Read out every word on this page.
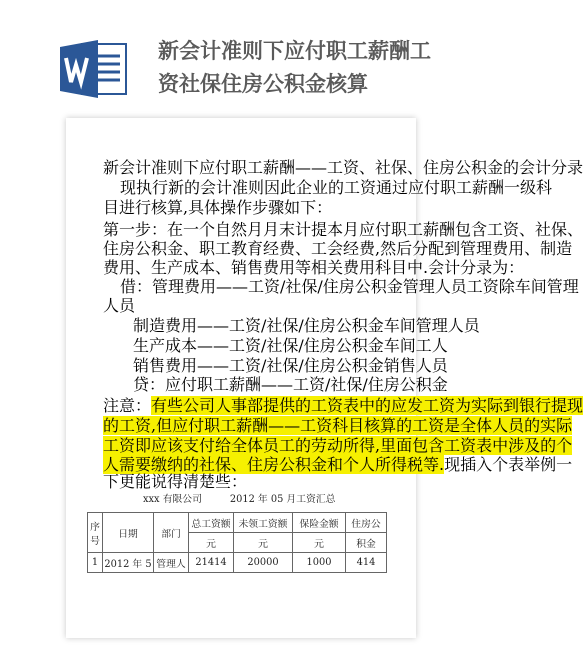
新会计准则下应付职工薪酬工
资社保住房公积金核算
新会计准则下应付职工薪酬——工资、社保、住房公积金的会计分录
现执行新的会计准则因此企业的工资通过应付职工薪酬一级科
目进行核算,具体操作步骤如下：
第一步：在一个自然月月末计提本月应付职工薪酬包含工资、社保、
住房公积金、职工教育经费、工会经费,然后分配到管理费用、制造
费用、生产成本、销售费用等相关费用科目中.会计分录为：
借：管理费用——工资/社保/住房公积金管理人员工资除车间管理
人员
制造费用——工资/社保/住房公积金车间管理人员
生产成本——工资/社保/住房公积金车间工人
销售费用——工资/社保/住房公积金销售人员
贷：应付职工薪酬——工资/社保/住房公积金
注意：有些公司人事部提供的工资表中的应发工资为实际到银行提现
的工资,但应付职工薪酬——工资科目核算的工资是全体人员的实际
工资即应该支付给全体员工的劳动所得,里面包含工资表中涉及的个
人需要缴纳的社保、住房公积金和个人所得税等.现插入个表举例一
下更能说得清楚些：
xxx 有限公司	2012 年 05 月工资汇总
序
号	日期	部门	总工资额	未领工资额	保险金额	住房公
			元	元	元	积金
1	2012 年 5	管理人	21414	20000	1000	414
